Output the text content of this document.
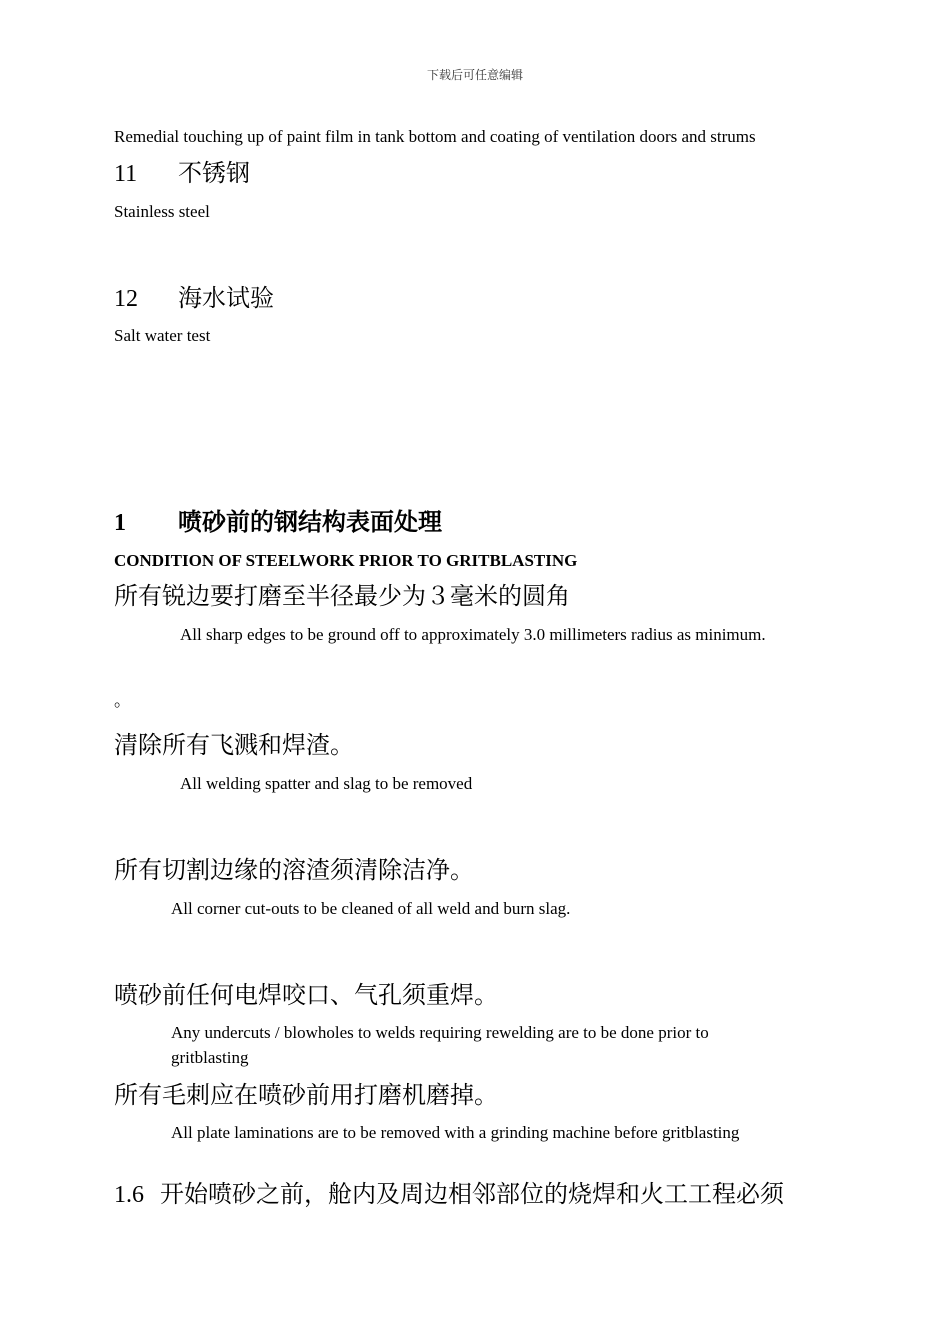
下载后可任意编辑
Remedial touching up of paint film in tank bottom and coating of ventilation doors and strums
11 不锈钢
Stainless steel
12 海水试验
Salt water test
1 喷砂前的钢结构表面处理
CONDITION OF STEELWORK PRIOR TO GRITBLASTING
所有锐边要打磨至半径最少为３毫米的圆角
All sharp edges to be ground off to approximately 3.0 millimeters radius as minimum.
。
清除所有飞溅和焊渣。
All welding spatter and slag to be removed
所有切割边缘的溶渣须清除洁净。
All corner cut-outs to be cleaned of all weld and burn slag.
喷砂前任何电焊咬口、气孔须重焊。
Any undercuts / blowholes to welds requiring rewelding are to be done prior to gritblasting
所有毛刺应在喷砂前用打磨机磨掉。
All plate laminations are to be removed with a grinding machine before gritblasting
1.6 开始喷砂之前，舱内及周边相邻部位的烧焊和火工工程必须
